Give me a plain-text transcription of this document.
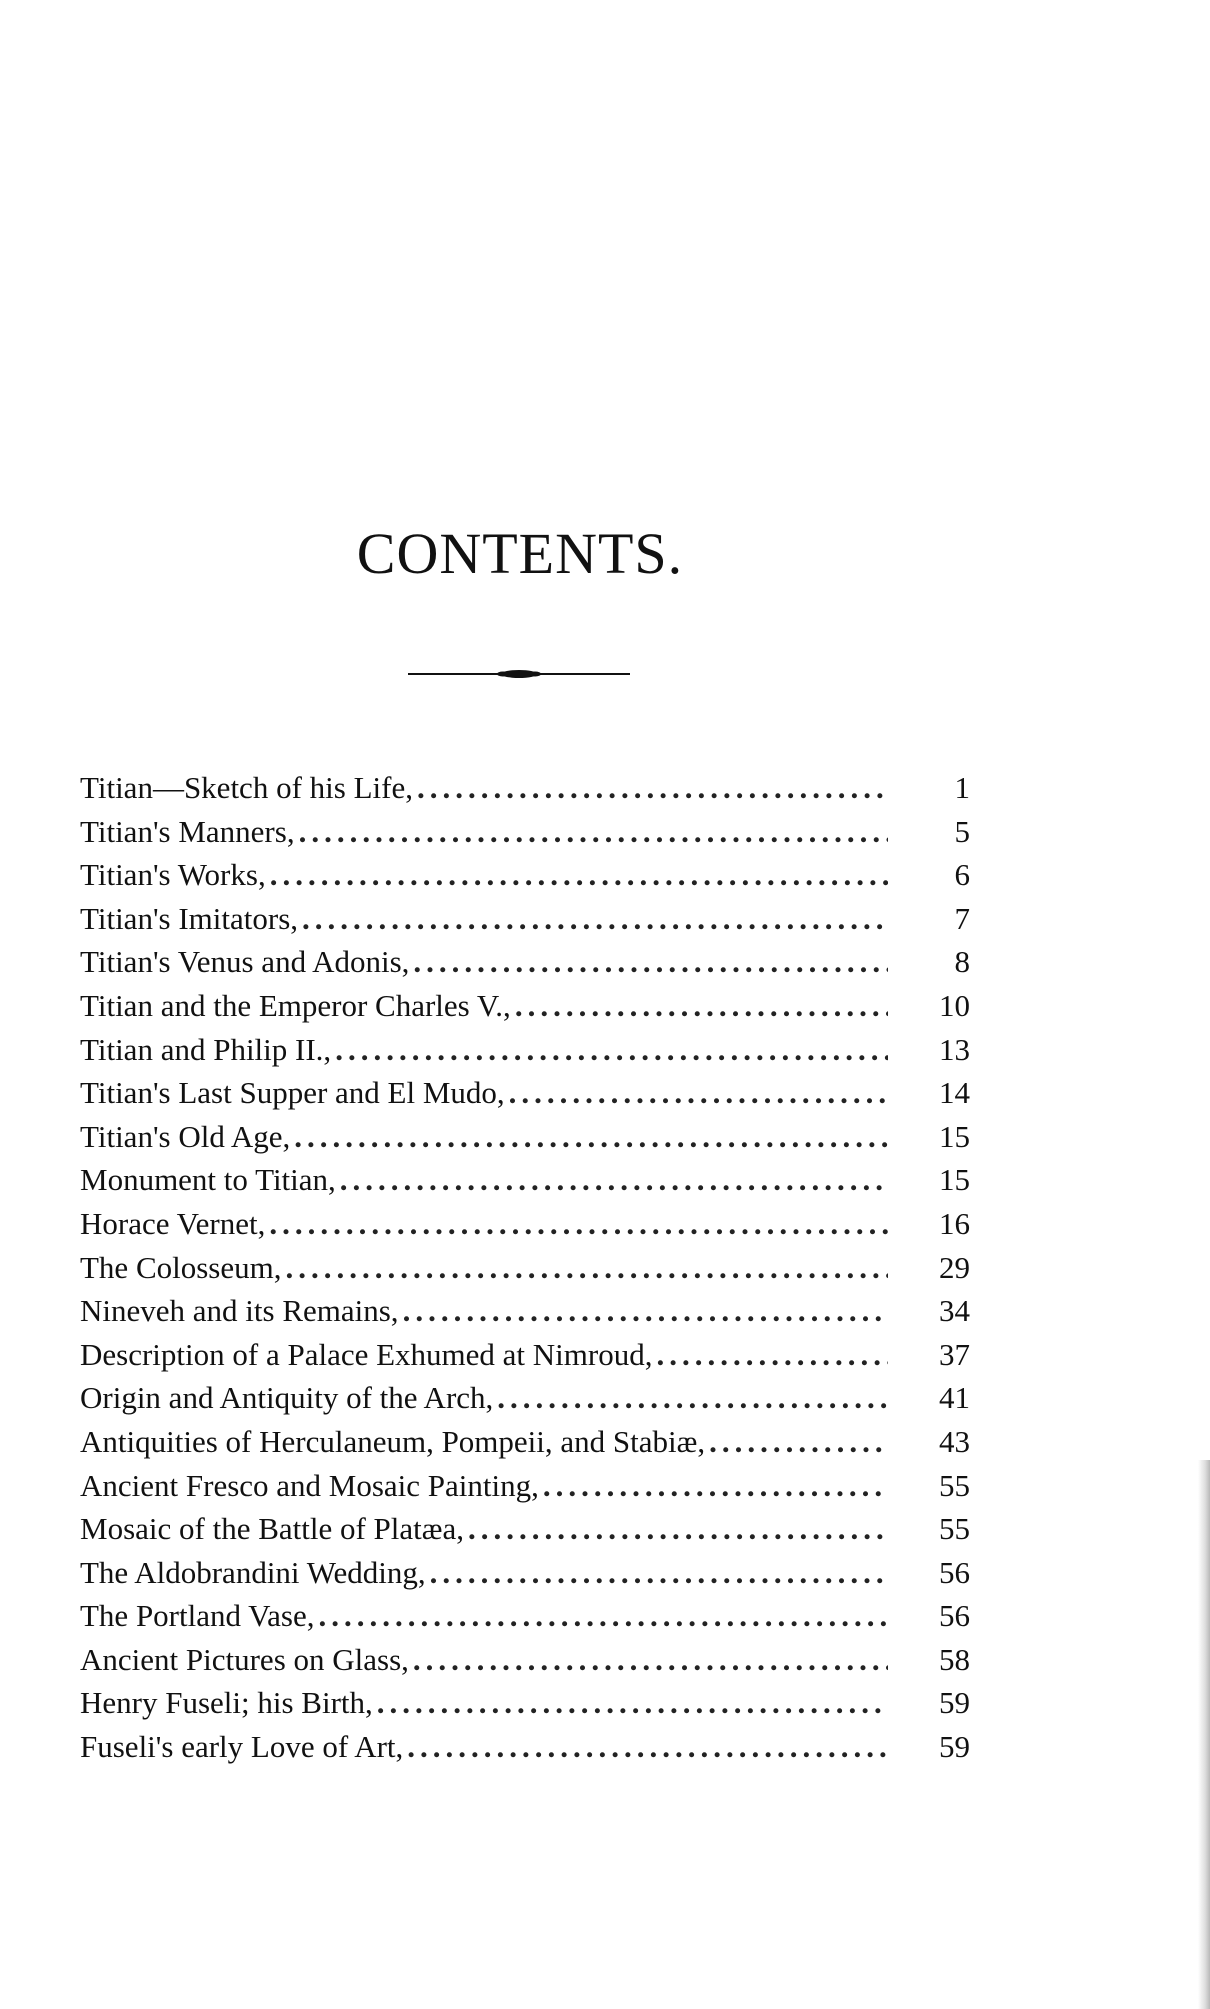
CONTENTS.
Titian—Sketch of his Life, .....	1
Titian's Manners, .....	5
Titian's Works, .....	6
Titian's Imitators, .....	7
Titian's Venus and Adonis, .....	8
Titian and the Emperor Charles V., .....	10
Titian and Philip II., .....	13
Titian's Last Supper and El Mudo, .....	14
Titian's Old Age, .....	15
Monument to Titian, .....	15
Horace Vernet, .....	16
The Colosseum, .....	29
Nineveh and its Remains, .....	34
Description of a Palace Exhumed at Nimroud, .....	37
Origin and Antiquity of the Arch, .....	41
Antiquities of Herculaneum, Pompeii, and Stabiæ, .....	43
Ancient Fresco and Mosaic Painting, .....	55
Mosaic of the Battle of Platæa, .....	55
The Aldobrandini Wedding, .....	56
The Portland Vase, .....	56
Ancient Pictures on Glass, .....	58
Henry Fuseli; his Birth, .....	59
Fuseli's early Love of Art, .....	59
